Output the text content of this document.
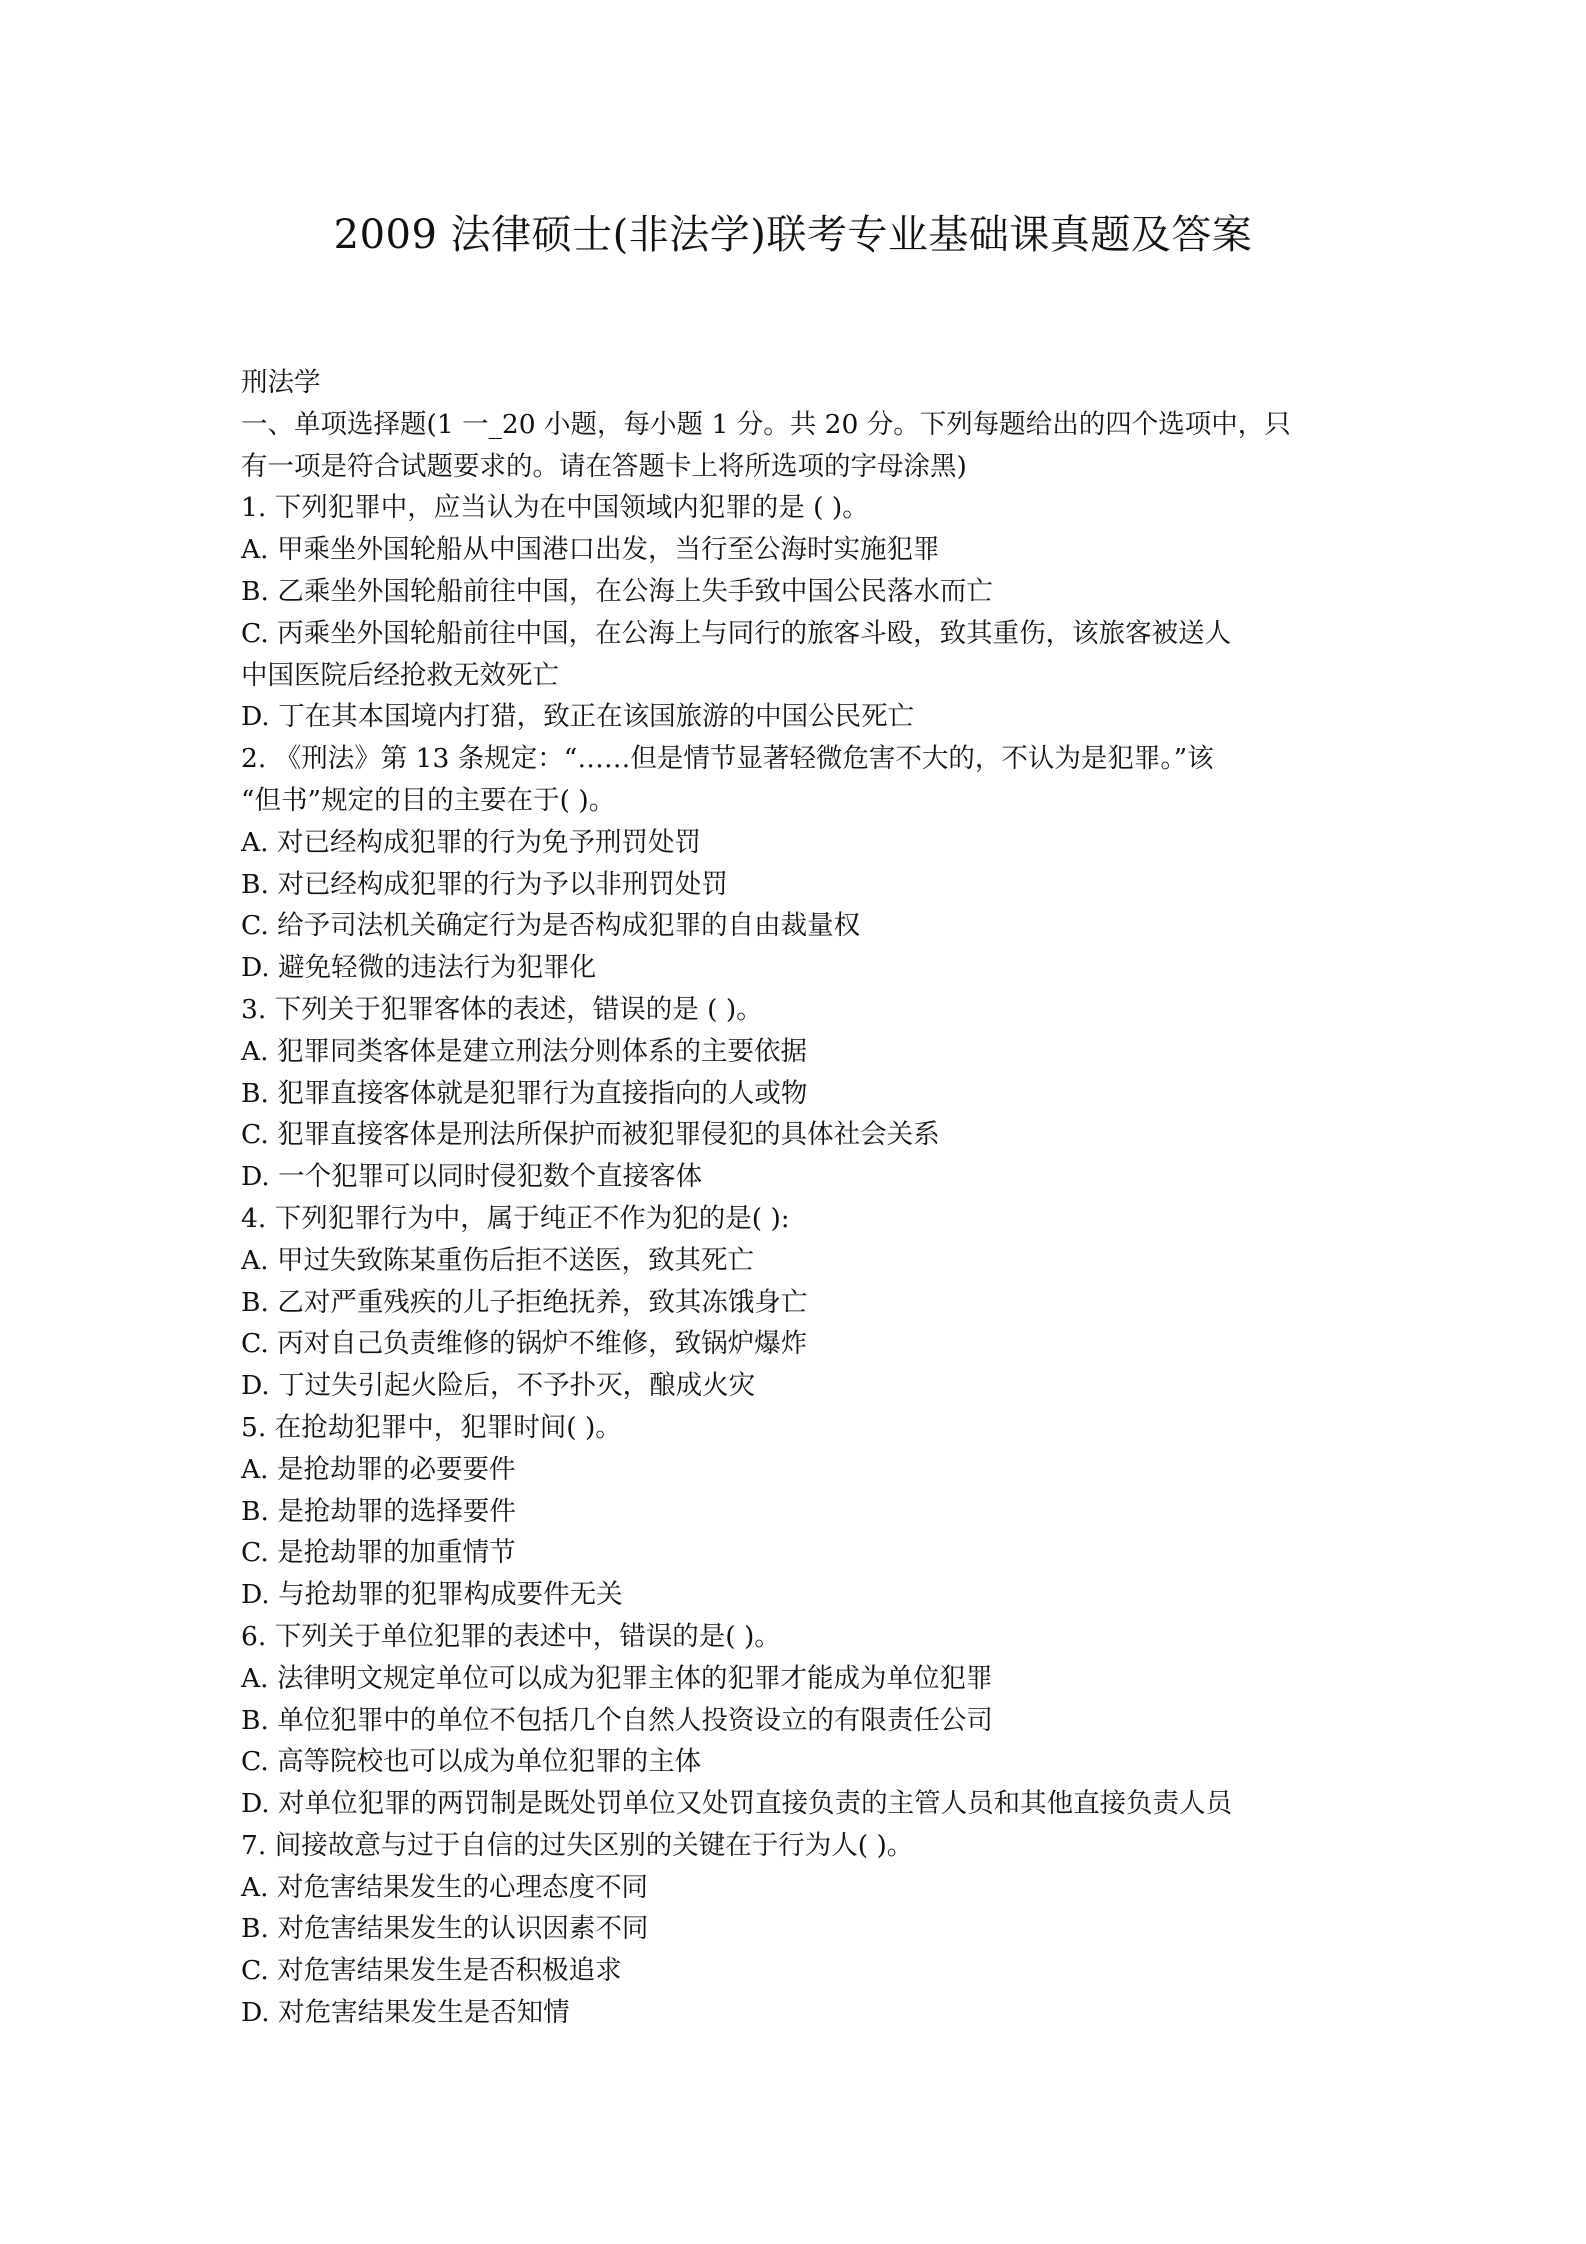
2009 法律硕士(非法学)联考专业基础课真题及答案

刑法学

一、单项选择题(1 一_20 小题，每小题 1 分。共 20 分。下列每题给出的四个选项中，只

有一项是符合试题要求的。请在答题卡上将所选项的字母涂黑)

1. 下列犯罪中，应当认为在中国领域内犯罪的是 ( )。

A. 甲乘坐外国轮船从中国港口出发，当行至公海时实施犯罪

B. 乙乘坐外国轮船前往中国，在公海上失手致中国公民落水而亡

C. 丙乘坐外国轮船前往中国，在公海上与同行的旅客斗殴，致其重伤，该旅客被送人

中国医院后经抢救无效死亡

D. 丁在其本国境内打猎，致正在该国旅游的中国公民死亡

2. 《刑法》第 13 条规定：“……但是情节显著轻微危害不大的，不认为是犯罪。”该

“但书”规定的目的主要在于( )。

A. 对已经构成犯罪的行为免予刑罚处罚

B. 对已经构成犯罪的行为予以非刑罚处罚

C. 给予司法机关确定行为是否构成犯罪的自由裁量权

D. 避免轻微的违法行为犯罪化

3. 下列关于犯罪客体的表述，错误的是 ( )。

A. 犯罪同类客体是建立刑法分则体系的主要依据

B. 犯罪直接客体就是犯罪行为直接指向的人或物

C. 犯罪直接客体是刑法所保护而被犯罪侵犯的具体社会关系

D. 一个犯罪可以同时侵犯数个直接客体

4. 下列犯罪行为中，属于纯正不作为犯的是( ):

A. 甲过失致陈某重伤后拒不送医，致其死亡

B. 乙对严重残疾的儿子拒绝抚养，致其冻饿身亡

C. 丙对自己负责维修的锅炉不维修，致锅炉爆炸

D. 丁过失引起火险后，不予扑灭，酿成火灾

5. 在抢劫犯罪中，犯罪时间( )。

A. 是抢劫罪的必要要件

B. 是抢劫罪的选择要件

C. 是抢劫罪的加重情节

D. 与抢劫罪的犯罪构成要件无关

6. 下列关于单位犯罪的表述中，错误的是( )。

A. 法律明文规定单位可以成为犯罪主体的犯罪才能成为单位犯罪

B. 单位犯罪中的单位不包括几个自然人投资设立的有限责任公司

C. 高等院校也可以成为单位犯罪的主体

D. 对单位犯罪的两罚制是既处罚单位又处罚直接负责的主管人员和其他直接负责人员

7. 间接故意与过于自信的过失区别的关键在于行为人( )。

A. 对危害结果发生的心理态度不同

B. 对危害结果发生的认识因素不同

C. 对危害结果发生是否积极追求

D. 对危害结果发生是否知情
